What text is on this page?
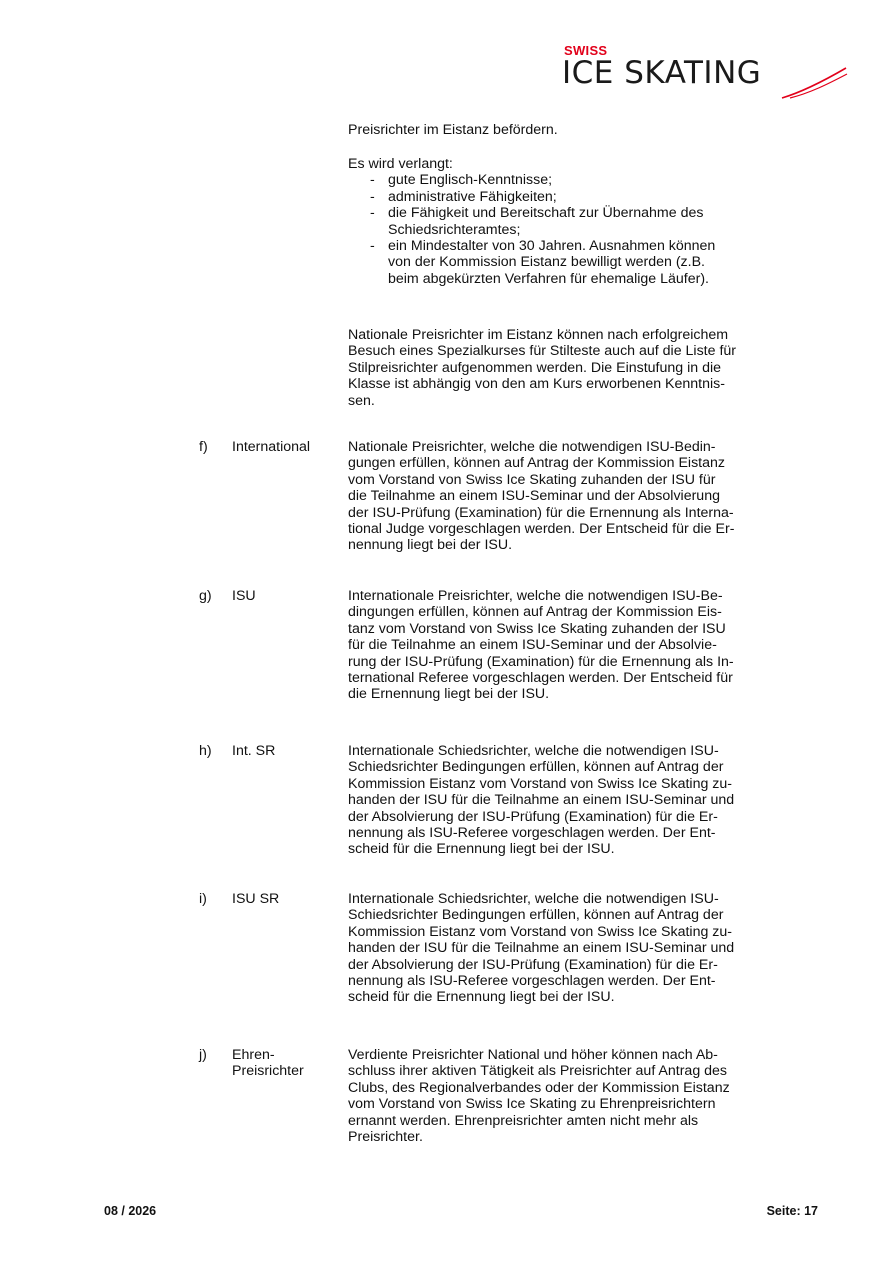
SWISS
ICE SKATING

Preisrichter im Eistanz befördern.

Es wird verlangt:
- gute Englisch-Kenntnisse;
- administrative Fähigkeiten;
- die Fähigkeit und Bereitschaft zur Übernahme des
Schiedsrichteramtes;
- ein Mindestalter von 30 Jahren. Ausnahmen können
von der Kommission Eistanz bewilligt werden (z.B.
beim abgekürzten Verfahren für ehemalige Läufer).
Nationale Preisrichter im Eistanz können nach erfolgreichem
Besuch eines Spezialkurses für Stilteste auch auf die Liste für
Stilpreisrichter aufgenommen werden. Die Einstufung in die
Klasse ist abhängig von den am Kurs erworbenen Kenntnis-
sen.
f) International	Nationale Preisrichter, welche die notwendigen ISU-Bedin-
gungen erfüllen, können auf Antrag der Kommission Eistanz
vom Vorstand von Swiss Ice Skating zuhanden der ISU für
die Teilnahme an einem ISU-Seminar und der Absolvierung
der ISU-Prüfung (Examination) für die Ernennung als Interna-
tional Judge vorgeschlagen werden. Der Entscheid für die Er-
nennung liegt bei der ISU.
g) ISU	Internationale Preisrichter, welche die notwendigen ISU-Be-
dingungen erfüllen, können auf Antrag der Kommission Eis-
tanz vom Vorstand von Swiss Ice Skating zuhanden der ISU
für die Teilnahme an einem ISU-Seminar und der Absolvie-
rung der ISU-Prüfung (Examination) für die Ernennung als In-
ternational Referee vorgeschlagen werden. Der Entscheid für
die Ernennung liegt bei der ISU.
h) Int. SR	Internationale Schiedsrichter, welche die notwendigen ISU-
Schiedsrichter Bedingungen erfüllen, können auf Antrag der
Kommission Eistanz vom Vorstand von Swiss Ice Skating zu-
handen der ISU für die Teilnahme an einem ISU-Seminar und
der Absolvierung der ISU-Prüfung (Examination) für die Er-
nennung als ISU-Referee vorgeschlagen werden. Der Ent-
scheid für die Ernennung liegt bei der ISU.
i) ISU SR	Internationale Schiedsrichter, welche die notwendigen ISU-
Schiedsrichter Bedingungen erfüllen, können auf Antrag der
Kommission Eistanz vom Vorstand von Swiss Ice Skating zu-
handen der ISU für die Teilnahme an einem ISU-Seminar und
der Absolvierung der ISU-Prüfung (Examination) für die Er-
nennung als ISU-Referee vorgeschlagen werden. Der Ent-
scheid für die Ernennung liegt bei der ISU.
j) Ehren-
Preisrichter
Verdiente Preisrichter National und höher können nach Ab-
schluss ihrer aktiven Tätigkeit als Preisrichter auf Antrag des
Clubs, des Regionalverbandes oder der Kommission Eistanz
vom Vorstand von Swiss Ice Skating zu Ehrenpreisrichtern
ernannt werden. Ehrenpreisrichter amten nicht mehr als
Preisrichter.
08 / 2026	Seite: 17
